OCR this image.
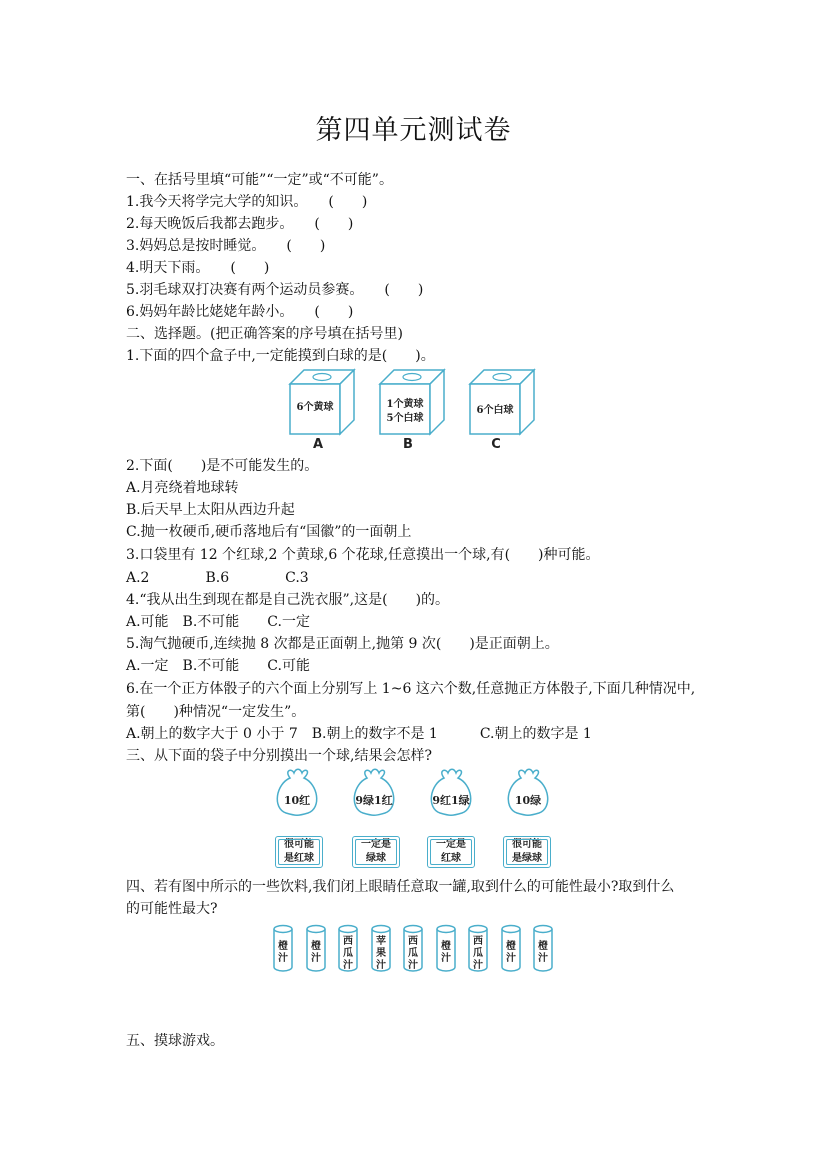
第四单元测试卷
一、在括号里填“可能”“一定”或“不可能”。
1.我今天将学完大学的知识。　　(　　)
2.每天晚饭后我都去跑步。　　(　　)
3.妈妈总是按时睡觉。　　(　　)
4.明天下雨。　　(　　)
5.羽毛球双打决赛有两个运动员参赛。　　(　　)
6.妈妈年龄比姥姥年龄小。　　(　　)
二、选择题。(把正确答案的序号填在括号里)
1.下面的四个盒子中,一定能摸到白球的是(　　)。
6个黄球
A
1个黄球
5个白球
B
6个白球
C
2.下面(　　)是不可能发生的。
A.月亮绕着地球转
B.后天早上太阳从西边升起
C.抛一枚硬币,硬币落地后有“国徽”的一面朝上
3.口袋里有 12 个红球,2 个黄球,6 个花球,任意摸出一个球,有(　　)种可能。
A.2　　　　B.6　　　　C.3
4.“我从出生到现在都是自己洗衣服”,这是(　　)的。
A.可能　B.不可能　　C.一定
5.淘气抛硬币,连续抛 8 次都是正面朝上,抛第 9 次(　　)是正面朝上。
A.一定　B.不可能　　C.可能
6.在一个正方体骰子的六个面上分别写上 1~6 这六个数,任意抛正方体骰子,下面几种情况中,
第(　　)种情况“一定发生”。
A.朝上的数字大于 0 小于 7　B.朝上的数字不是 1　　　C.朝上的数字是 1
三、从下面的袋子中分别摸出一个球,结果会怎样?
10红	9绿1红	9红1绿	10绿
很可能
是红球
一定是
绿球
一定是
红球
很可能
是绿球
四、若有图中所示的一些饮料,我们闭上眼睛任意取一罐,取到什么的可能性最小?取到什么
的可能性最大?
橙
汁
橙
汁
西
瓜
汁
苹
果
汁
西
瓜
汁
橙
汁
西
瓜
汁
橙
汁
橙
汁
五、摸球游戏。
